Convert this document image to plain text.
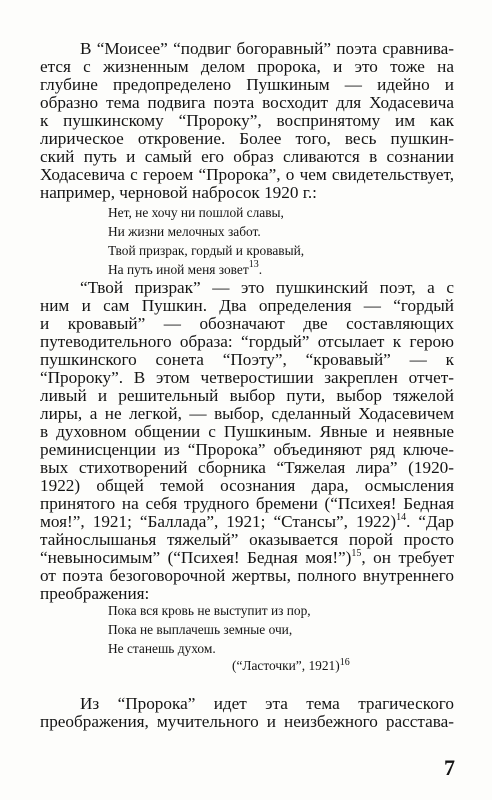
В “Моисее” “подвиг богоравный” поэта сравнива-
ется с жизненным делом пророка, и это тоже на
глубине предопределено Пушкиным — идейно и
образно тема подвига поэта восходит для Ходасевича
к пушкинскому “Пророку”, воспринятому им как
лирическое откровение. Более того, весь пушкин-
ский путь и самый его образ сливаются в сознании
Ходасевича с героем “Пророка”, о чем свидетельствует,
например, черновой набросок 1920 г.:
Нет, не хочу ни пошлой славы,
Ни жизни мелочных забот.
Твой призрак, гордый и кровавый,
На путь иной меня зовет$^{13}$.
“Твой призрак” — это пушкинский поэт, а с
ним и сам Пушкин. Два определения — “гордый
и кровавый” — обозначают две составляющих
путеводительного образа: “гордый” отсылает к герою
пушкинского сонета “Поэту”, “кровавый” — к
“Пророку”. В этом четверостишии закреплен отчет-
ливый и решительный выбор пути, выбор тяжелой
лиры, а не легкой, — выбор, сделанный Ходасевичем
в духовном общении с Пушкиным. Явные и неявные
реминисценции из “Пророка” объединяют ряд ключе-
вых стихотворений сборника “Тяжелая лира” (1920-
1922) общей темой осознания дара, осмысления
принятого на себя трудного бремени (“Психея! Бедная
моя!”, 1921; “Баллада”, 1921; “Стансы”, 1922)$^{14}$. “Дар
тайнослышанья тяжелый” оказывается порой просто
“невыносимым” (“Психея! Бедная моя!”)$^{15}$, он требует
от поэта безоговорочной жертвы, полного внутреннего
преображения:
Пока вся кровь не выступит из пор,
Пока не выплачешь земные очи,
Не станешь духом.
(“Ласточки”, 1921)$^{16}$
Из “Пророка” идет эта тема трагического
преображения, мучительного и неизбежного расстава-
7
